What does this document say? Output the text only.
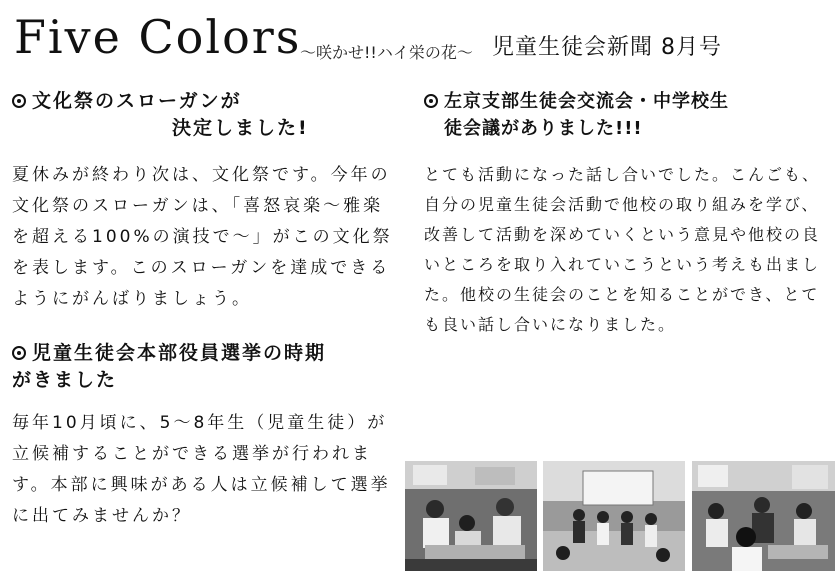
Five Colors
〜咲かせ!!ハイ栄の花〜 児童生徒会新聞 8月号

文化祭のスローガンが

決定しました!

夏休みが終わり次は、文化祭です。今年の文化祭のスローガンは、「喜怒哀楽〜雅楽を超える100%の演技で〜」がこの文化祭を表します。このスローガンを達成できるようにがんばりましょう。

児童生徒会本部役員選挙の時期

がきました

毎年10月頃に、5〜8年生（児童生徒）が立候補することができる選挙が行われます。本部に興味がある人は立候補して選挙に出てみませんか？

左京支部生徒会交流会・中学校生

徒会議がありました!!!

とても活動になった話し合いでした。こんごも、自分の児童生徒会活動で他校の取り組みを学び、改善して活動を深めていくという意見や他校の良いところを取り入れていこうという考えも出ました。他校の生徒会のことを知ることができ、とても良い話し合いになりました。
